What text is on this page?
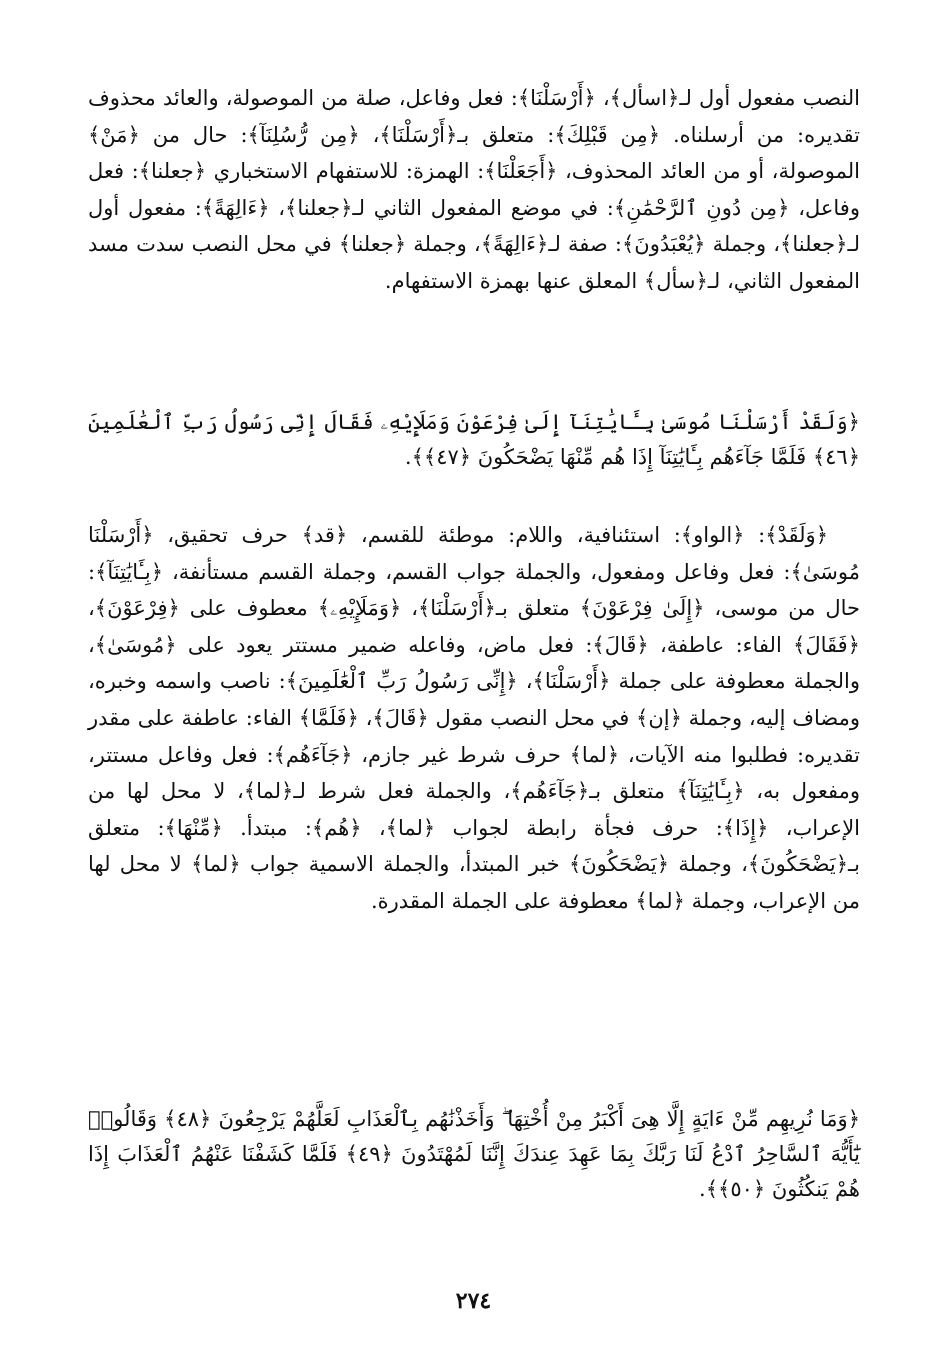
النصب مفعول أول لـ﴿اسأل﴾، ﴿أَرْسَلْنَا﴾: فعل وفاعل، صلة من الموصولة، والعائد محذوف تقديره: من أرسلناه. ﴿مِن قَبْلِكَ﴾: متعلق بـ﴿أَرْسَلْنَا﴾، ﴿مِن رُّسُلِنَآ﴾: حال من ﴿مَنْ﴾ الموصولة، أو من العائد المحذوف، ﴿أَجَعَلْنَا﴾: الهمزة: للاستفهام الاستخباري ﴿جعلنا﴾: فعل وفاعل، ﴿مِن دُونِ ٱلرَّحْمَٰنِ﴾: في موضع المفعول الثاني لـ﴿جعلنا﴾، ﴿ءَالِهَةً﴾: مفعول أول لـ﴿جعلنا﴾، وجملة ﴿يُعْبَدُونَ﴾: صفة لـ﴿ءَالِهَةً﴾، وجملة ﴿جعلنا﴾ في محل النصب سدت مسد المفعول الثاني، لـ﴿سأل﴾ المعلق عنها بهمزة الاستفهام.

﴿وَلَقَدْ أَرْسَلْنَا مُوسَىٰ بِـَٔايَٰتِنَآ إِلَىٰ فِرْعَوْنَ وَمَلَإِيْهِۦ فَقَالَ إِنِّى رَسُولُ رَبِّ ٱلْعَٰلَمِينَ ﴿٤٦﴾ فَلَمَّا جَآءَهُم بِـَٔايَٰتِنَآ إِذَا هُم مِّنْهَا يَضْحَكُونَ ﴿٤٧﴾﴾.

﴿وَلَقَدْ﴾: ﴿الواو﴾: استئنافية، واللام: موطئة للقسم، ﴿قد﴾ حرف تحقيق، ﴿أَرْسَلْنَا مُوسَىٰ﴾: فعل وفاعل ومفعول، والجملة جواب القسم، وجملة القسم مستأنفة، ﴿بِـَٔايَٰتِنَآ﴾: حال من موسى، ﴿إِلَىٰ فِرْعَوْنَ﴾ متعلق بـ﴿أَرْسَلْنَا﴾، ﴿وَمَلَإِيْهِۦ﴾ معطوف على ﴿فِرْعَوْنَ﴾، ﴿فَقَالَ﴾ الفاء: عاطفة، ﴿قَالَ﴾: فعل ماض، وفاعله ضمير مستتر يعود على ﴿مُوسَىٰ﴾، والجملة معطوفة على جملة ﴿أَرْسَلْنَا﴾، ﴿إِنِّى رَسُولُ رَبِّ ٱلْعَٰلَمِينَ﴾: ناصب واسمه وخبره، ومضاف إليه، وجملة ﴿إن﴾ في محل النصب مقول ﴿قَالَ﴾، ﴿فَلَمَّا﴾ الفاء: عاطفة على مقدر تقديره: فطلبوا منه الآيات، ﴿لما﴾ حرف شرط غير جازم، ﴿جَآءَهُم﴾: فعل وفاعل مستتر، ومفعول به، ﴿بِـَٔايَٰتِنَآ﴾ متعلق بـ﴿جَآءَهُم﴾، والجملة فعل شرط لـ﴿لما﴾، لا محل لها من الإعراب، ﴿إِذَا﴾: حرف فجأة رابطة لجواب ﴿لما﴾، ﴿هُم﴾: مبتدأ. ﴿مِّنْهَا﴾: متعلق بـ﴿يَضْحَكُونَ﴾، وجملة ﴿يَضْحَكُونَ﴾ خبر المبتدأ، والجملة الاسمية جواب ﴿لما﴾ لا محل لها من الإعراب، وجملة ﴿لما﴾ معطوفة على الجملة المقدرة.

﴿وَمَا نُرِيهِم مِّنْ ءَايَةٍ إِلَّا هِىَ أَكْبَرُ مِنْ أُخْتِهَا ۖ وَأَخَذْنَٰهُم بِٱلْعَذَابِ لَعَلَّهُمْ يَرْجِعُونَ ﴿٤٨﴾ وَقَالُوا۟ يَٰٓأَيُّهَ ٱلسَّاحِرُ ٱدْعُ لَنَا رَبَّكَ بِمَا عَهِدَ عِندَكَ إِنَّنَا لَمُهْتَدُونَ ﴿٤٩﴾ فَلَمَّا كَشَفْنَا عَنْهُمُ ٱلْعَذَابَ إِذَا هُمْ يَنكُثُونَ ﴿٥٠﴾﴾.

٢٧٤
